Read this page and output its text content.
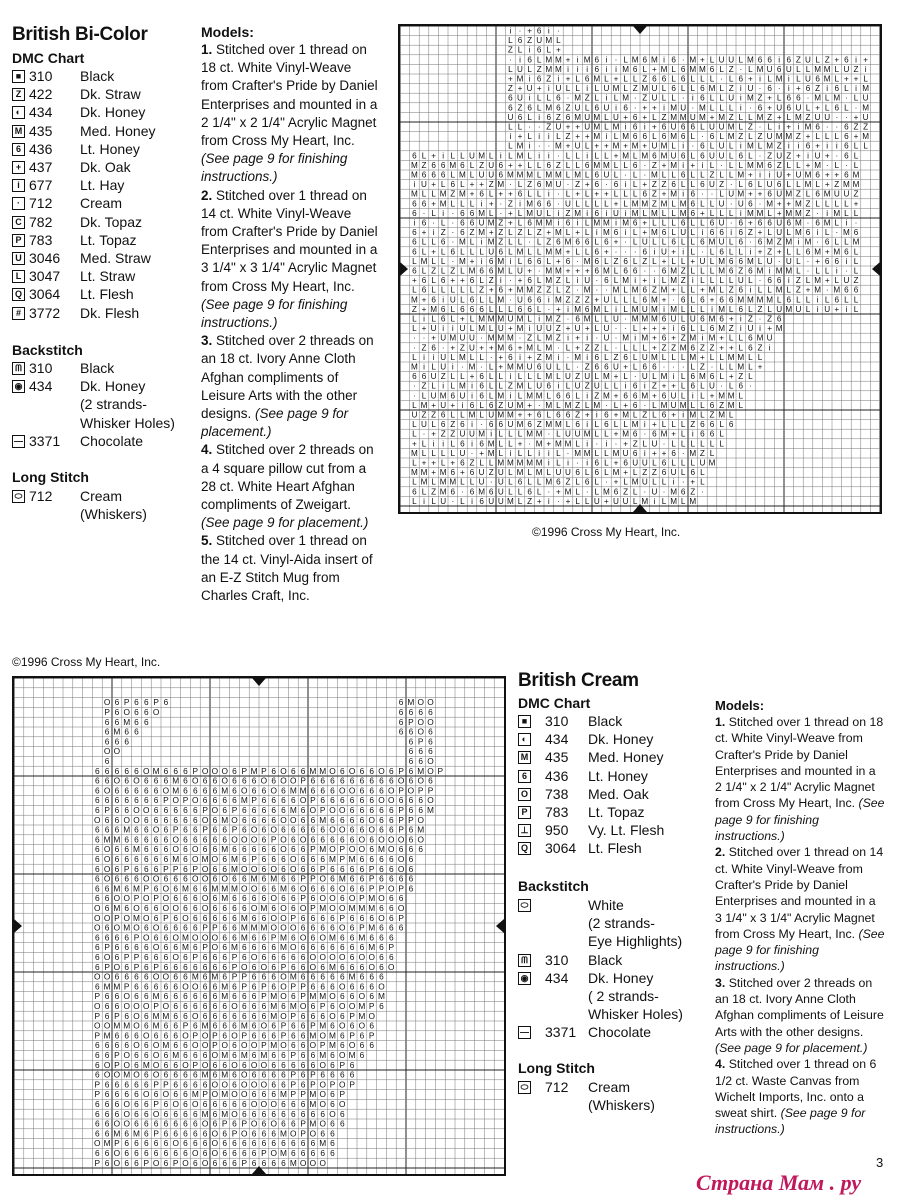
British Bi-Color
DMC Chart
■ 310 Black
Z 422 Dk. Straw
◐ 434 Dk. Honey
M 435 Med. Honey
6 436 Lt. Honey
+ 437 Dk. Oak
i 677 Lt. Hay
· 712 Cream
C 782 Dk. Topaz
P 783 Lt. Topaz
U 3046 Med. Straw
L 3047 Lt. Straw
Q 3064 Lt. Flesh
# 3772 Dk. Flesh
Backstitch
ᗰ 310 Black
◉ 434 Dk. Honey
(2 strands-
Whisker Holes)
— 3371 Chocolate
Long Stitch
⬭ 712 Cream
(Whiskers)
Models:

1. Stitched over 1 thread on 18 ct. White Vinyl-Weave from Crafter's Pride by Daniel Enterprises and mounted in a 2 1/4" x 2 1/4" Acrylic Magnet from Cross My Heart, Inc. (See page 9 for finishing instructions.)

2. Stitched over 1 thread on 14 ct. White Vinyl-Weave from Crafter's Pride by Daniel Enterprises and mounted in a 3 1/4" x 3 1/4" Acrylic Magnet from Cross My Heart, Inc. (See page 9 for finishing instructions.)

3. Stitched over 2 threads on an 18 ct. Ivory Anne Cloth Afghan compliments of Leisure Arts with the other designs. (See page 9 for placement.)

4. Stitched over 2 threads on a 4 square pillow cut from a 28 ct. White Heart Afghan compliments of Zweigart. (See page 9 for placement.)

5. Stitched over 1 thread on the 14 ct. Vinyl-Aida insert of an E-Z Stitch Mug from Charles Craft, Inc.

i · + 6 i ·
L 6 Z U M L
Z L i 6 L +
· i 6 L M M + i M 6 i · L M 6 M i 6 · M + L U U L M 6 6 i 6 Z U L Z + 6 i +
L U L Z M M i i i 6 i i M 6 L + M L 6 M M 6 L Z · L M U 6 U L L M M L U Z i
+ M i 6 Z i + L 6 M L + L L Z 6 6 L 6 L L L · L 6 + i L M i L U 6 M L + + L
Z + U + i U L L i L U M L Z M U L 6 L L 6 M L Z i U · 6 · i + 6 Z i 6 L i M
6 U i L L 6 · M Z L i L M · Z U L L · i 6 L L U i M Z + L 6 6 · M L M · L U
6 Z 6 L M 6 Z U L 6 U i 6 · + + i M U · M L L L i · 6 + U 6 U L + L 6 L · M
U 6 L i 6 Z 6 M U M L U + 6 + L Z M M U M + M Z L L M Z + L M Z U U · · + U
L L · · Z U + + U M L M i 6 i + 6 U 6 6 L U U M L Z · L i + i M 6 · · 6 Z Z
i + L i i L Z + + M i L M 6 6 L 6 M 6 L · 6 L M Z L Z U M M Z + L L L 6 + M
L M i · · M + U L + + M + M + U M L i · 6 L U L i M L M Z i i 6 + i i 6 L L
6 L + i L L U M L i L M L i i · L L i L L + M L M 6 M U 6 L 6 U U L 6 L · Z U Z + i U + · 6 L
M Z 6 6 M 6 L Z U 6 + + L L 6 Z L L 6 M M L L 6 · Z + M i + i L · L L M M 6 Z L L + M · L · L
M 6 6 6 L M L U U 6 M M M L M M L M L 6 U L · L · M L L 6 L L Z L L M + i i U + U M 6 + + 6 M
i U + L 6 L + + Z M · L Z 6 M U · Z + 6 · 6 i L + Z Z 6 L L 6 U Z · L 6 L U 6 L L M L + Z M M
M L L M Z M + 6 L + + 6 L L i · L + L + + L L L 6 Z + M i 6 · · L U M + + 6 U M Z L 6 M U U Z
6 6 + M L L L i + · Z i M 6 6 · U L L L L + L M M Z M L M 6 L L U · U 6 · M + + M Z L L L L +
6 · L i · 6 6 M L · + L M U L i Z M i 6 i U i M L M L L M 6 + L L L i M M L + M M Z · i M L L
i 6 · L · 6 6 U M Z + L 6 M M i 6 i L M M i M 6 + L L L 6 L L 6 U · 6 + 6 6 U 6 M · 6 M L i ·
6 + i Z · 6 Z M + Z L Z L Z + M L + L i M 6 i L + M 6 L U L i 6 6 i 6 Z + L U L M 6 i L · M 6
6 L L 6 · M L i M Z L L · L Z 6 M 6 6 L 6 + · L U L L 6 L L 6 M U L 6 · 6 M Z M i M · 6 L L M
6 L + L 6 L L L U 6 L M L L M M + L L 6 + · · · 6 i U + i L · L 6 L L i + Z + L L 6 M + M 6 L
L M L L · M + i 6 M i L 6 6 L + 6 · M 6 L Z 6 L Z L + L L + U L M 6 6 M L U · U L · + 6 6 i L
6 L Z L Z L M 6 6 M L U + · M M + + + 6 M L 6 6 · · 6 M Z L L L M 6 Z 6 M i M M L · L L i · L
+ 6 L 6 + + 6 L Z i · + 6 L M Z L i U · 6 L M i + i L M Z i L L L L U L · 6 6 i Z L M + L U Z
L 6 L L L L L Z + 6 + M M Z Z L Z · M · · M L M 6 Z M + L L + M L Z 6 i L L M L Z + M · M 6 6
M + 6 i U L 6 L L M · U 6 6 i M Z Z Z + U L L L 6 M + · 6 L 6 + 6 6 M M M M L 6 L L i L 6 L L
Z + M 6 L 6 6 6 L L L 6 6 L · + i M 6 M L i L M U M i M L L L i M L 6 L Z L U M U L i U + i L
L i L 6 L + L M M M U M L i M Z · 6 M L L U · M M M 6 U L U 6 M 6 + i Z · Z 6
L + U i i U L M L U + M i U U Z + U + L U · · L + + + i 6 L L 6 M Z i U i + M
· · + U M U U · M M M · Z L M Z i + i · U · M i M + 6 + Z M i M + L L 6 M U
· Z 6 · + Z U + + M 6 + M L M · L + Z Z L · L L L + Z Z M 6 Z Z + + L 6 Z i
L i i U L M L L · + 6 i + Z M i · M i 6 L Z 6 L U M L L L M + L L M M L L
M i L U i · M · L + M M U 6 U L L · Z 6 6 U + L 6 6 · · · L Z · L L M L +
6 6 U Z L L + 6 L L i L L L M L U Z U L M + L · U L M i L 6 M 6 L + Z L
· Z L i L M i 6 L L Z M L U 6 i L U Z U L L i 6 i Z + + L 6 L U · L 6 ·
· L U M 6 U i 6 L M i L M M L 6 6 L i Z M + 6 6 M + 6 U L i L + M M L
L M + U + i 6 L 6 Z U M + · M L M Z L M · L + 6 · L M U M L L 6 Z M L
U Z Z 6 L L M L U M M + + 6 L 6 6 Z + i 6 + M L Z L 6 + i M L Z M L
L U L 6 Z 6 i · 6 6 U M 6 Z M M L 6 i L 6 L L M i + L L L Z 6 6 L 6
L · + Z Z U U M i L L L M M · L U U M L L + M 6 · 6 M + L i 6 6 L
+ L i i L 6 i 6 M L L + · M + M M L i · i · + Z L U · L L L L L L
M L L L L U · + M L i L L i i L · M M L L M U 6 i + + 6 · M Z L
L + + L + 6 Z L L M M M M M i L i · i 6 L + 6 U U L 6 L L L U M
M M + M 6 + 6 U Z U L M L M L U U 6 L 6 L M + L Z Z 6 U L 6 L
L M L M M L L U · U L 6 L L M 6 Z L 6 L · + L M U L L i · + L
6 L Z M 6 · 6 M 6 U L L 6 L · + M L · L M 6 Z L · U · M 6 Z ·
L i L U · L i 6 U U M L Z + i · + L L U + U U L M i L M L M
©1996 Cross My Heart, Inc.
©1996 Cross My Heart, Inc.
O 6 P 6 6 P 6	6 M O O
P 6 O 6 6 O	6 6 6 6
6 6 M 6 6	6 P O O
6 M 6 6	6 6 O 6
6 6 6	6 P 6
O O	6 6 6
6	6 6 O
6 6 6 6 6 O M 6 6 6 P O O O 6 P M P 6 O 6 6 M M O 6 O 6 6 O 6 P 6 M O P
6 6 O 6 O 6 6 6 M 6 O 6 6 O 6 6 6 O 6 O O P 6 6 6 6 6 6 6 6 6 O 6 O 6
6 O 6 6 6 6 6 O M 6 6 6 6 M 6 O 6 6 O 6 M M 6 6 6 O O 6 6 6 O P O P P
6 6 6 6 6 6 6 P O P O 6 6 6 6 M P 6 6 6 6 O P 6 6 6 6 6 6 O O 6 6 6 O
6 P 6 6 O O 6 6 6 6 6 P O 6 P 6 6 6 6 6 M 6 O P O O 6 6 6 6 6 P 6 6 M
O 6 6 O O 6 6 6 6 6 6 O 6 M O 6 6 6 6 O O 6 6 M 6 6 6 6 O 6 6 P P O
6 6 6 M 6 6 O 6 P 6 6 P 6 6 P 6 O 6 O 6 6 6 6 6 O O 6 6 O 6 6 P 6 M
6 M M 6 6 6 6 6 O 6 6 6 6 6 O O O 6 P O 6 O 6 6 6 6 6 O 6 O O O 6 O
6 O 6 6 M 6 6 6 O 6 O 6 6 M 6 6 6 6 6 O 6 6 P M O P O O 6 M O 6 6 6
6 O 6 6 6 6 6 6 M 6 O M O 6 M 6 P 6 6 6 O 6 6 6 M P M 6 6 6 6 O 6
6 O 6 P 6 6 6 P P 6 P O 6 6 M O O 6 O 6 O 6 6 P 6 6 6 6 P 6 6 O 6
6 O 6 6 6 O O 6 6 6 O O 6 O 6 6 M 6 M 6 6 P P O 6 M 6 6 P 6 6 6 6
6 6 M 6 M P 6 O 6 M 6 6 M M M O O 6 6 M 6 O 6 6 6 O 6 6 P P O P 6
6 6 O O P O P O 6 6 6 O 6 M 6 6 6 6 O 6 6 P 6 O O 6 O P M O 6 6
O 6 M 6 O 6 6 O O 6 6 O 6 6 6 6 O M 6 O 6 O P M O O M M M 6 6 O
O O P O M O 6 P 6 O 6 6 6 6 6 M 6 6 O O P 6 6 6 6 P 6 6 6 O 6 P
O 6 O M O 6 O 6 6 6 6 P P 6 6 M M M O O O 6 6 6 6 O 6 P M 6 6 6
6 6 6 6 P O 6 6 O M O O O 6 6 M 6 6 P M 6 O 6 O M 6 6 M 6 6 6
6 P 6 6 6 6 O 6 6 M 6 P O 6 M 6 6 6 6 M O 6 6 6 6 6 6 6 M 6 P
6 O 6 P P 6 6 6 O 6 P 6 6 6 P 6 O 6 6 6 6 6 O O O O 6 O O 6 6
6 P O 6 P 6 P 6 6 6 6 6 6 6 P O 6 O 6 P 6 6 O 6 M 6 6 6 O 6 O
O O 6 6 6 6 O O 6 6 M 6 M 6 P P 6 6 6 O M 6 6 6 6 6 M 6 6 6
6 M M P 6 6 6 6 6 O O 6 6 M 6 P 6 P 6 O P P 6 6 6 O 6 6 6 O
P 6 6 O 6 6 M 6 6 6 6 6 6 M 6 6 6 P M O 6 P M M O 6 6 O 6 M
O 6 6 O O O P O 6 6 6 6 6 6 O 6 6 6 M 6 M O 6 P 6 O O M P 6
P 6 P 6 O 6 M M 6 6 O 6 6 6 6 6 6 6 M O P 6 6 6 O 6 P M O
O O M M O 6 M 6 6 P 6 M 6 6 6 M 6 O 6 P 6 6 P M 6 O 6 O 6
P M 6 6 6 O 6 6 6 O P O P 6 O P 6 6 6 P 6 6 M O M 6 P 6 P
6 6 6 6 O 6 O M 6 6 O O P O 6 O O P M O 6 6 O P M 6 O 6 6
6 6 P O 6 6 O 6 M 6 6 6 O M 6 M 6 M 6 6 P 6 6 M 6 O M 6
6 O P O 6 M O 6 6 O P O 6 6 O 6 O O 6 6 6 6 6 O 6 P 6
6 O O M O 6 O 6 6 6 6 M 6 M 6 O 6 6 6 6 P 6 P 6 6 6 6
P 6 6 6 6 6 P P 6 6 6 6 O O 6 O O O 6 6 P 6 P O P O P
P 6 6 6 6 O 6 O 6 6 M P O M O O 6 6 6 M P P M O 6 P
6 6 6 O 6 6 P 6 O 6 O 6 6 6 6 6 O O O 6 6 6 M O 6 O
6 6 6 O 6 6 O 6 6 6 6 M 6 M O 6 6 6 6 6 6 6 6 6 O 6
6 6 O O 6 6 6 6 6 6 6 O 6 P 6 P O 6 O 6 6 P M O 6 6
6 6 M 6 M 6 P 6 6 6 6 6 O 6 P O 6 6 6 M O P O 6 6
O M P 6 6 6 6 6 O 6 6 6 O 6 6 6 6 6 6 6 6 6 6 M 6
6 6 O 6 6 6 6 6 6 6 O 6 O 6 6 6 6 P O M 6 6 6 6 6
P 6 O 6 6 P O 6 P O 6 O 6 6 6 P 6 6 6 6 M O O O
British Cream
DMC Chart
■ 310 Black
◐ 434 Dk. Honey
M 435 Med. Honey
6 436 Lt. Honey
O 738 Med. Oak
P 783 Lt. Topaz
⊥ 950 Vy. Lt. Flesh
Q 3064 Lt. Flesh
Backstitch
⬭	White
(2 strands-
Eye Highlights)
ᗰ 310 Black
◉ 434 Dk. Honey
( 2 strands-
Whisker Holes)
— 3371 Chocolate
Long Stitch
⬭ 712 Cream
(Whiskers)
Models:

1. Stitched over 1 thread on 18 ct. White Vinyl-Weave from Crafter's Pride by Daniel Enterprises and mounted in a 2 1/4" x 2 1/4" Acrylic Magnet from Cross My Heart, Inc. (See page 9 for finishing instructions.)

2. Stitched over 1 thread on 14 ct. White Vinyl-Weave from Crafter's Pride by Daniel Enterprises and mounted in a 3 1/4" x 3 1/4" Acrylic Magnet from Cross My Heart, Inc. (See page 9 for finishing instructions.)

3. Stitched over 2 threads on an 18 ct. Ivory Anne Cloth Afghan compliments of Leisure Arts with the other designs. (See page 9 for placement.)

4. Stitched over 1 thread on 6 1/2 ct. Waste Canvas from Wichelt Imports, Inc. onto a sweat shirt. (See page 9 for instructions.)

3
Страна Мам . ру
